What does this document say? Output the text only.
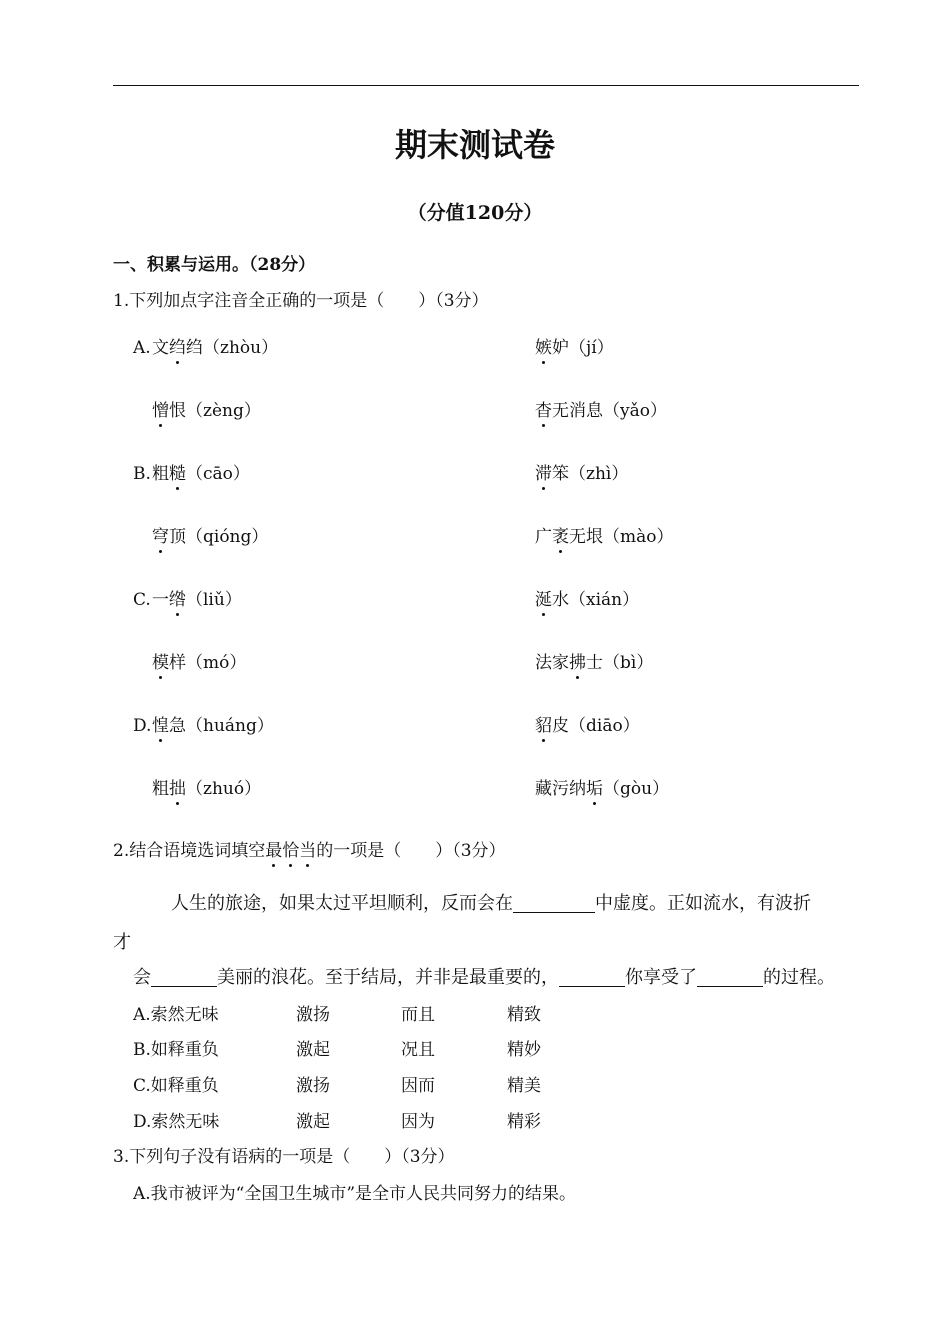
期末测试卷
（分值120分）
一、积累与运用。（28分）
1.下列加点字注音全正确的一项是（　　）（3分）
A.文绉绉（zhòu）	嫉妒（jí）
憎恨（zèng）	杳无消息（yǎo）
B.粗糙（cāo）	滞笨（zhì）
穹顶（qióng）	广袤无垠（mào）
C.一绺（liǔ）	涎水（xián）
模样（mó）	法家拂士（bì）
D.惶急（huáng）	貂皮（diāo）
粗拙（zhuó）	藏污纳垢（gòu）
2.结合语境选词填空最恰当的一项是（　　）（3分）
人生的旅途，如果太过平坦顺利，反而会在	中虚度。正如流水，有波折
才
会	美丽的浪花。至于结局，并非是最重要的，	你享受了	的过程。
A.索然无味	激扬	而且	精致
B.如释重负	激起	况且	精妙
C.如释重负	激扬	因而	精美
D.索然无味	激起	因为	精彩
3.下列句子没有语病的一项是（　　）（3分）
A.我市被评为“全国卫生城市”是全市人民共同努力的结果。
